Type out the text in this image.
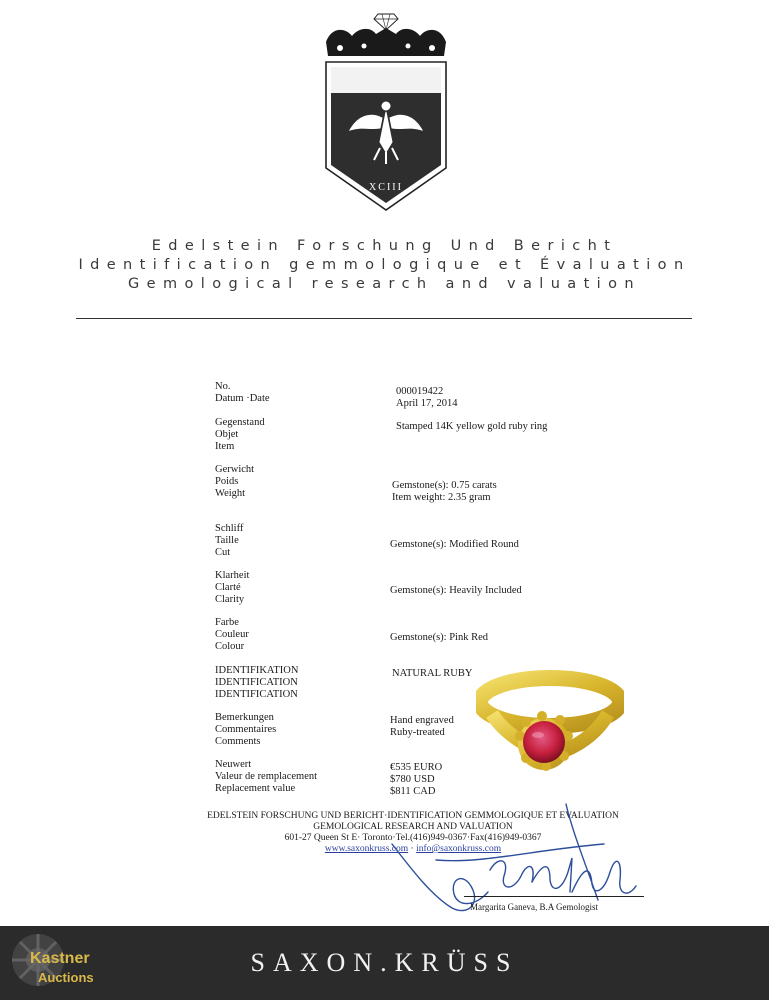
XCIII
Edelstein Forschung Und Bericht
Identification gemmologique et Évaluation
Gemological research and valuation
No.
Datum ·Date
000019422
April 17, 2014
Gegenstand
Objet
Item
Stamped 14K yellow gold ruby ring
Gerwicht
Poids
Weight
Gemstone(s): 0.75 carats
Item weight: 2.35 gram
Schliff
Taille
Cut
Gemstone(s): Modified Round
Klarheit
Clarté
Clarity
Gemstone(s): Heavily Included
Farbe
Couleur
Colour
Gemstone(s): Pink Red
IDENTIFIKATION
IDENTIFICATION
IDENTIFICATION
NATURAL RUBY
Bemerkungen
Commentaires
Comments
Hand engraved
Ruby-treated
Neuwert
Valeur de remplacement
Replacement value
€535 EURO
$780 USD
$811 CAD
EDELSTEIN FORSCHUNG UND BERICHT·IDENTIFICATION GEMMOLOGIQUE ET EVALUATION
GEMOLOGICAL RESEARCH AND VALUATION
601-27 Queen St E· Toronto·Tel.(416)949-0367·Fax(416)949-0367
www.saxonkruss.com · info@saxonkruss.com
Margarita Ganeva, B.A Gemologist
SAXON.KRÜSS
Kastner
Auctions
